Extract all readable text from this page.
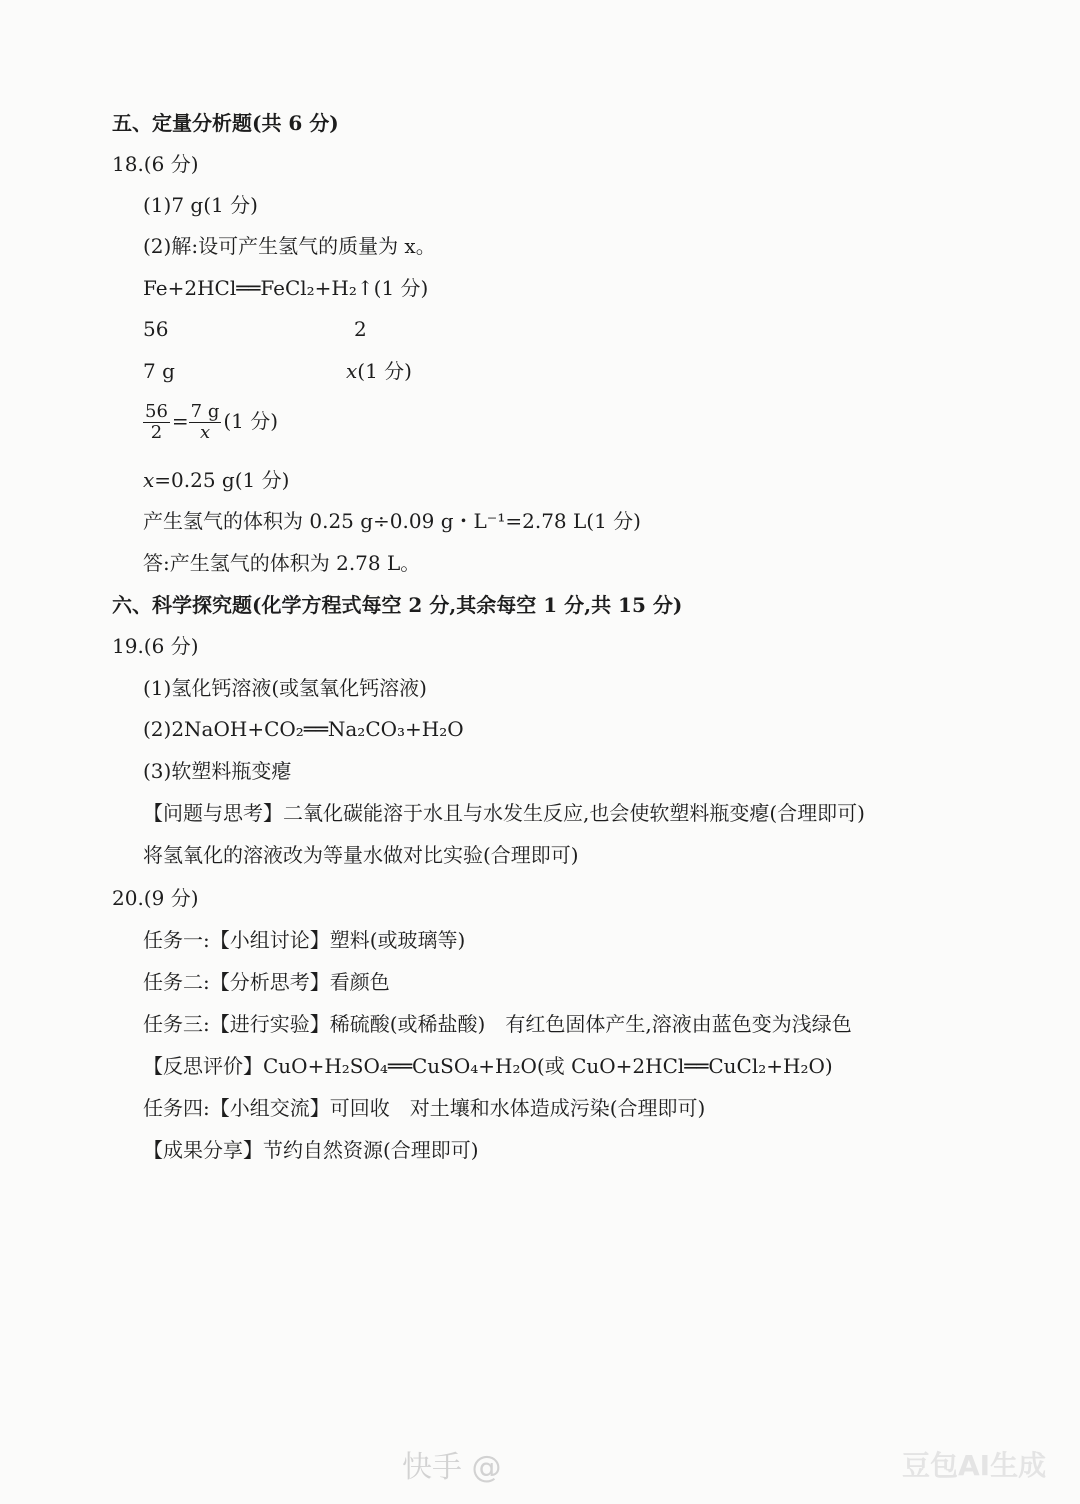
五、定量分析题(共 6 分)
18.(6 分)
(1)7 g(1 分)
(2)解:设可产生氢气的质量为 x。
Fe+2HCl══FeCl₂+H₂↑(1 分)
56	2
7 g	x(1 分)
$\frac{56}{2} = \frac{7 g}{x} (1$ 分)
x=0.25 g(1 分)
产生氢气的体积为 0.25 g÷0.09 g・L⁻¹=2.78 L(1 分)
答:产生氢气的体积为 2.78 L。
六、科学探究题(化学方程式每空 2 分,其余每空 1 分,共 15 分)
19.(6 分)
(1)氢化钙溶液(或氢氧化钙溶液)
(2)2NaOH+CO₂══Na₂CO₃+H₂O
(3)软塑料瓶变瘪
【问题与思考】二氧化碳能溶于水且与水发生反应,也会使软塑料瓶变瘪(合理即可)
将氢氧化的溶液改为等量水做对比实验(合理即可)
20.(9 分)
任务一:【小组讨论】塑料(或玻璃等)
任务二:【分析思考】看颜色
任务三:【进行实验】稀硫酸(或稀盐酸)　有红色固体产生,溶液由蓝色变为浅绿色
【反思评价】CuO+H₂SO₄══CuSO₄+H₂O(或 CuO+2HCl══CuCl₂+H₂O)
任务四:【小组交流】可回收　对土壤和水体造成污染(合理即可)
【成果分享】节约自然资源(合理即可)
快手 @	豆包AI生成
